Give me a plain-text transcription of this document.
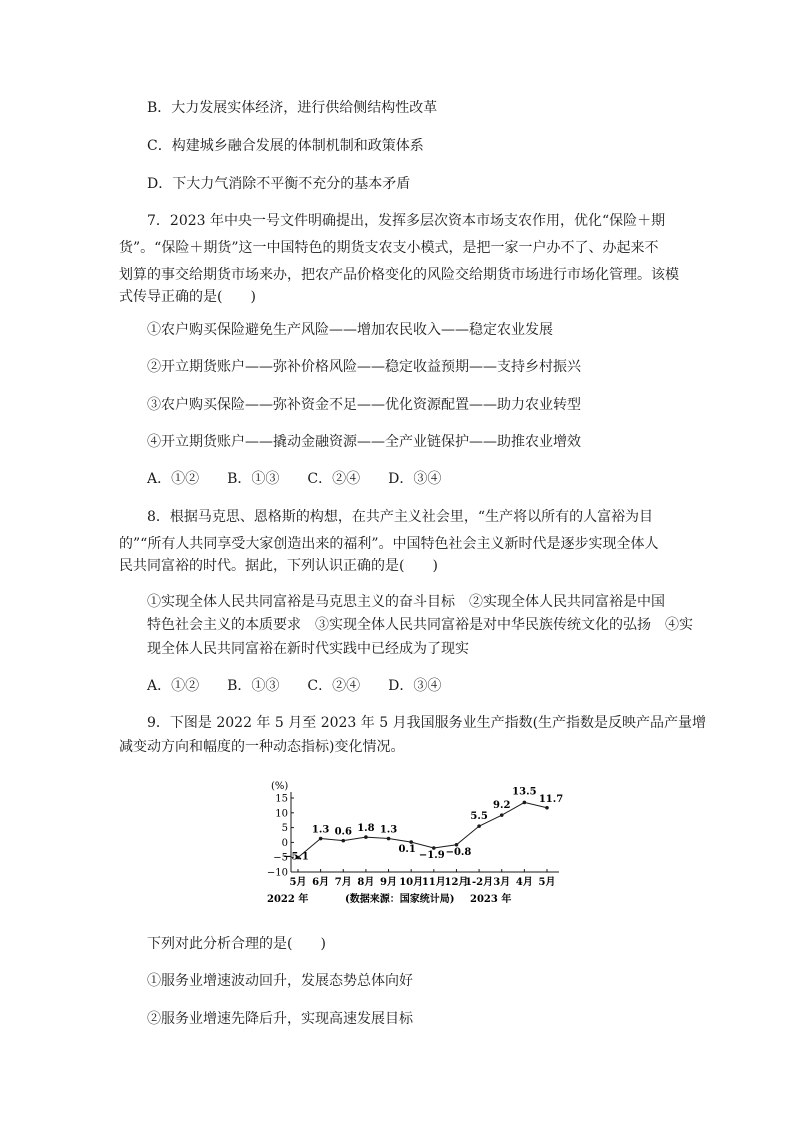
B．大力发展实体经济，进行供给侧结构性改革
C．构建城乡融合发展的体制机制和政策体系
D．下大力气消除不平衡不充分的基本矛盾
7．2023 年中央一号文件明确提出，发挥多层次资本市场支农作用，优化“保险＋期
货”。“保险＋期货”这一中国特色的期货支农支小模式，是把一家一户办不了、办起来不
划算的事交给期货市场来办，把农产品价格变化的风险交给期货市场进行市场化管理。该模
式传导正确的是(　　)
①农户购买保险避免生产风险——增加农民收入——稳定农业发展
②开立期货账户——弥补价格风险——稳定收益预期——支持乡村振兴
③农户购买保险——弥补资金不足——优化资源配置——助力农业转型
④开立期货账户——撬动金融资源——全产业链保护——助推农业增效
A．①②　　B．①③　　C．②④　　D．③④
8．根据马克思、恩格斯的构想，在共产主义社会里，“生产将以所有的人富裕为目
的”“所有人共同享受大家创造出来的福利”。中国特色社会主义新时代是逐步实现全体人
民共同富裕的时代。据此，下列认识正确的是(　　)
①实现全体人民共同富裕是马克思主义的奋斗目标　②实现全体人民共同富裕是中国
特色社会主义的本质要求　③实现全体人民共同富裕是对中华民族传统文化的弘扬　④实
现全体人民共同富裕在新时代实践中已经成为了现实
A．①②　　B．①③　　C．②④　　D．③④
9．下图是 2022 年 5 月至 2023 年 5 月我国服务业生产指数(生产指数是反映产品产量增
减变动方向和幅度的一种动态指标)变化情况。
(%)
15
10
5
0
−5
−10
5月 6月 7月 8月 9月 10月
11月
12月
1-2月 3月 4月 5月
−5.1
1.3 0.6 1.8 1.3
0.1
−1.9 −0.8
5.5
9.2
13.5
11.7
2022 年	(数据来源：国家统计局) 2023 年
下列对此分析合理的是(　　)
①服务业增速波动回升，发展态势总体向好
②服务业增速先降后升，实现高速发展目标
